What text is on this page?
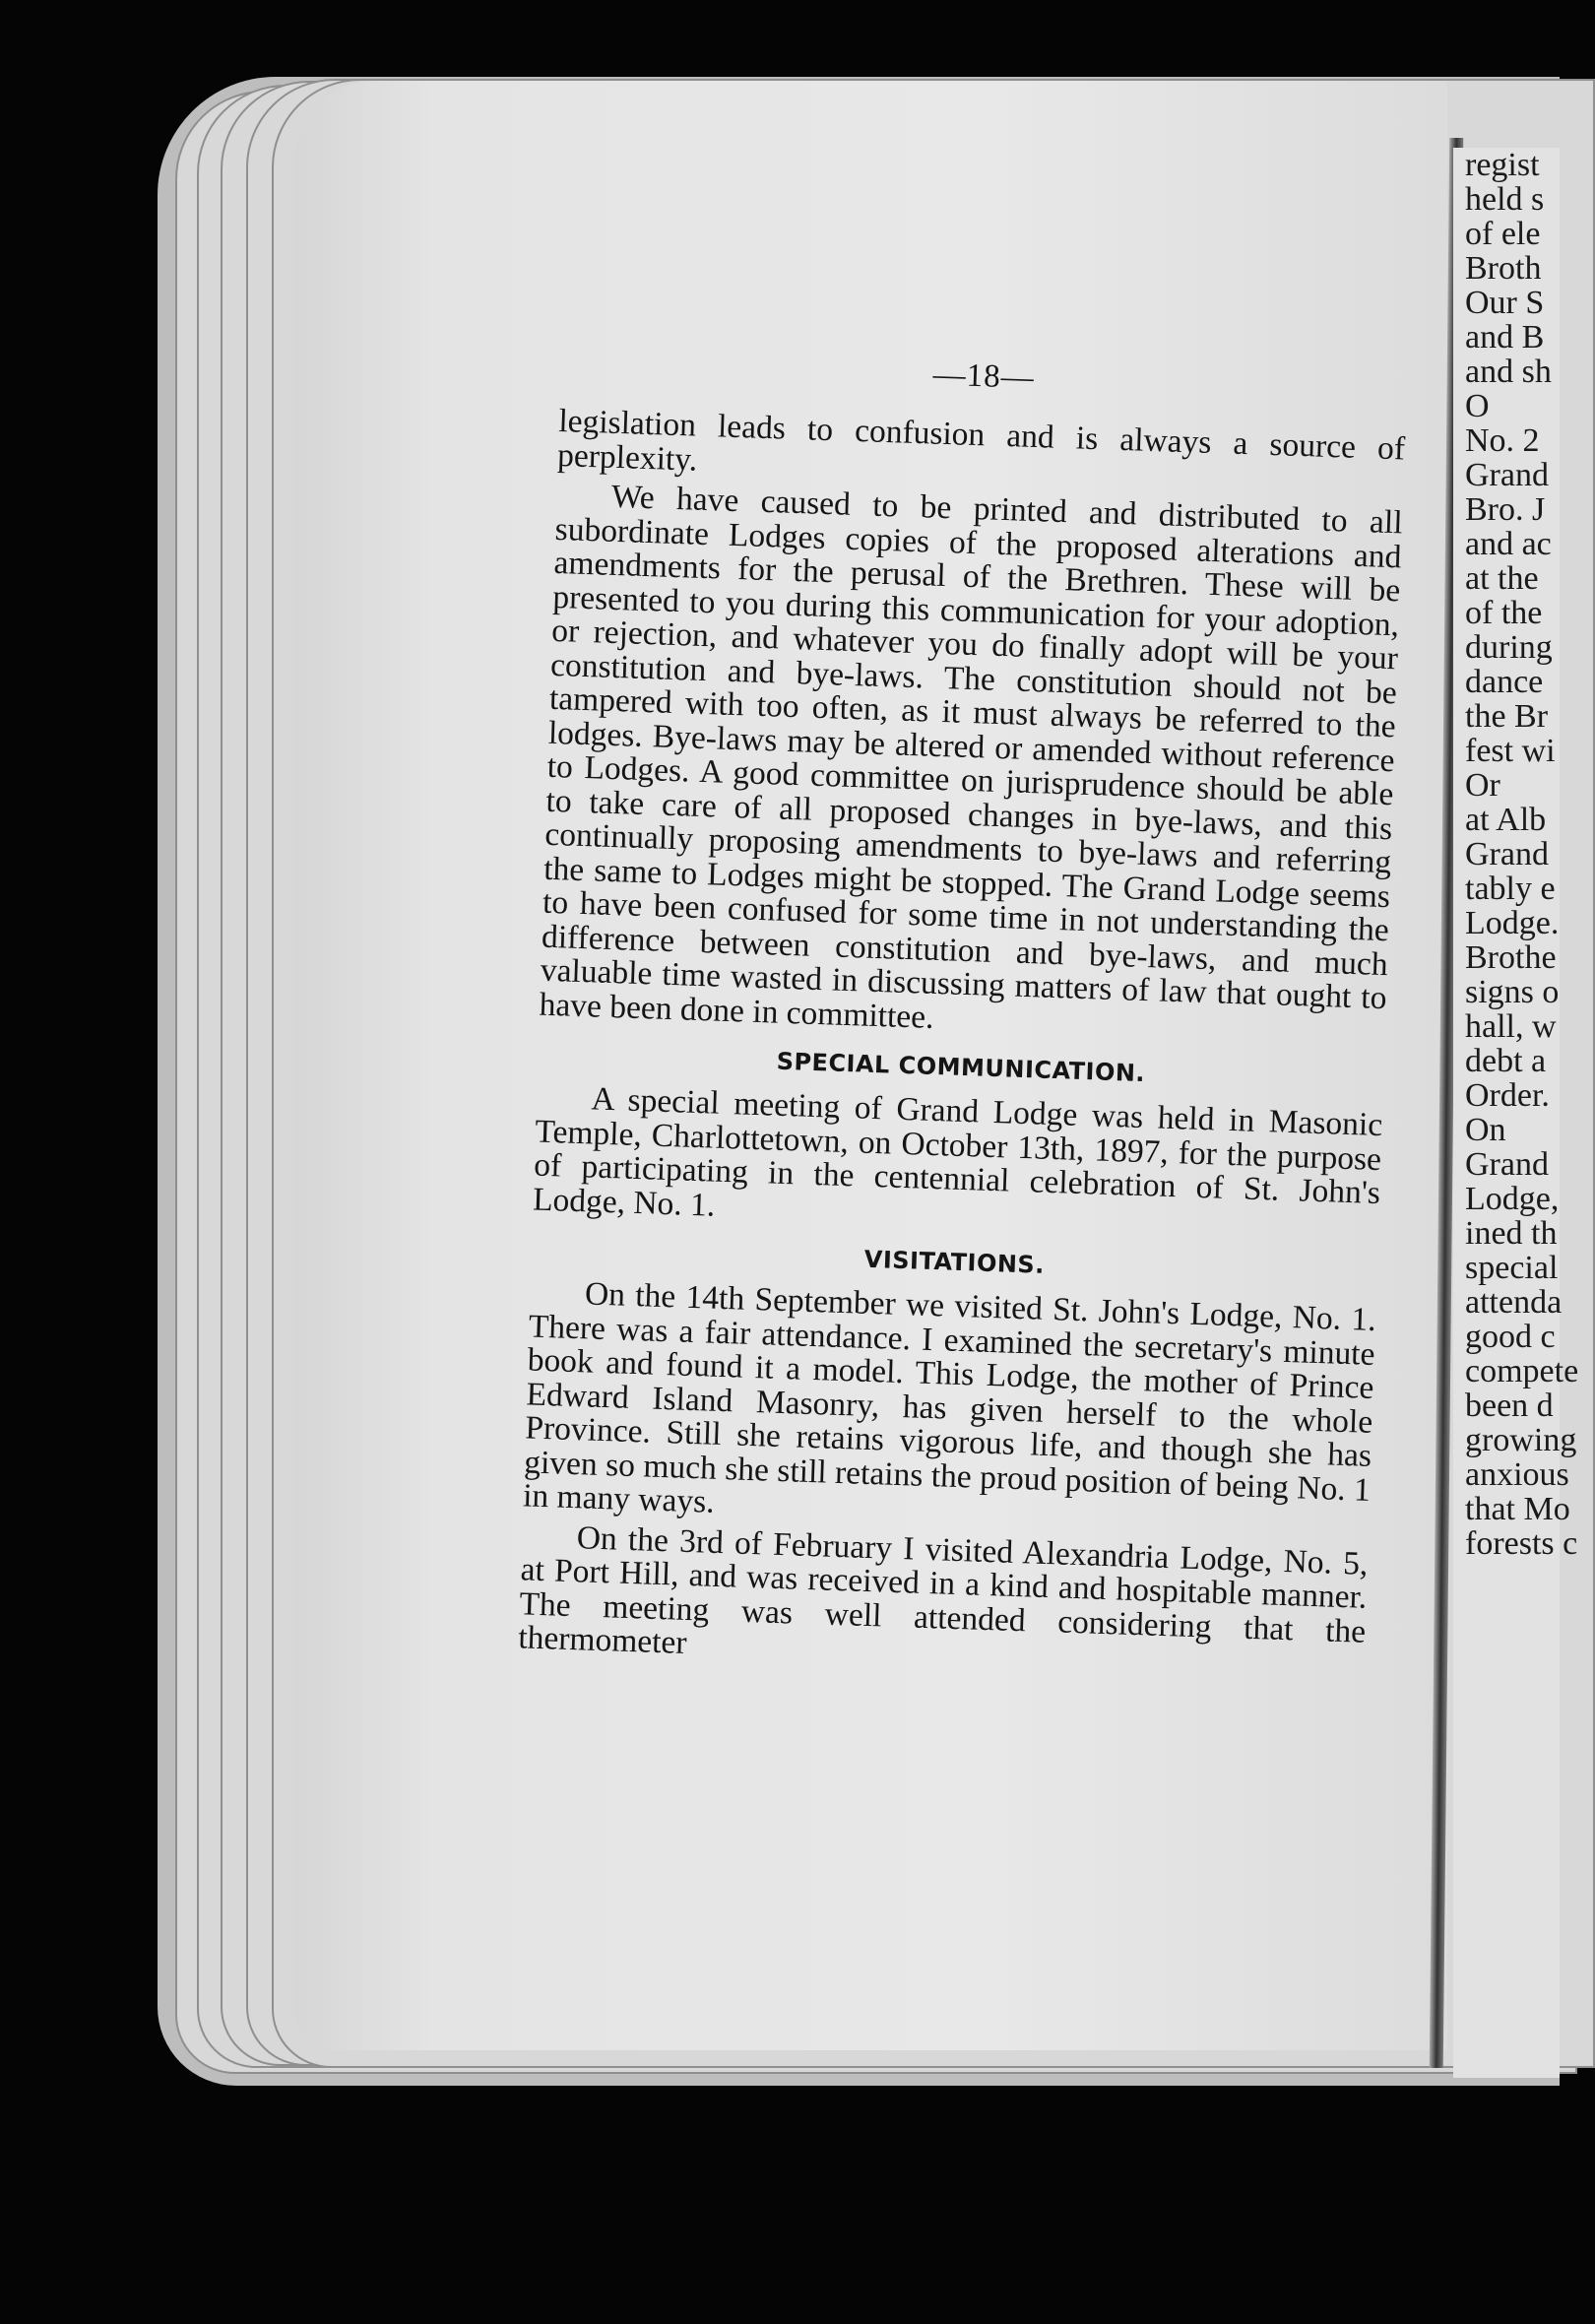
regist
held s
of ele
Broth
Our S
and B
and sh
O
No. 2
Grand
Bro. J
and ac
at the
of the
during
dance
the Br
fest wi
Or
at Alb
Grand
tably e
Lodge.
Brothe
signs o
hall, w
debt a
Order.
On
Grand
Lodge,
ined th
special
attenda
good c
compete
been d
growing
anxious
that Mo
forests c
—18—

legislation leads to confusion and is always a source of perplexity.

We have caused to be printed and distributed to all subordinate Lodges copies of the proposed alterations and amendments for the perusal of the Brethren. These will be presented to you during this communication for your adoption, or rejection, and whatever you do finally adopt will be your constitution and bye-laws. The constitution should not be tampered with too often, as it must always be referred to the lodges. Bye-laws may be altered or amended without reference to Lodges. A good committee on jurisprudence should be able to take care of all proposed changes in bye-laws, and this continually proposing amendments to bye-laws and referring the same to Lodges might be stopped. The Grand Lodge seems to have been confused for some time in not understanding the difference between constitution and bye-laws, and much valuable time wasted in discussing matters of law that ought to have been done in committee.

SPECIAL COMMUNICATION.

A special meeting of Grand Lodge was held in Masonic Temple, Charlottetown, on October 13th, 1897, for the purpose of participating in the centennial celebration of St. John's Lodge, No. 1.

VISITATIONS.

On the 14th September we visited St. John's Lodge, No. 1. There was a fair attendance. I examined the secretary's minute book and found it a model. This Lodge, the mother of Prince Edward Island Masonry, has given herself to the whole Province. Still she retains vigorous life, and though she has given so much she still retains the proud position of being No. 1 in many ways.

On the 3rd of February I visited Alexandria Lodge, No. 5, at Port Hill, and was received in a kind and hospitable manner. The meeting was well attended considering that the thermometer
